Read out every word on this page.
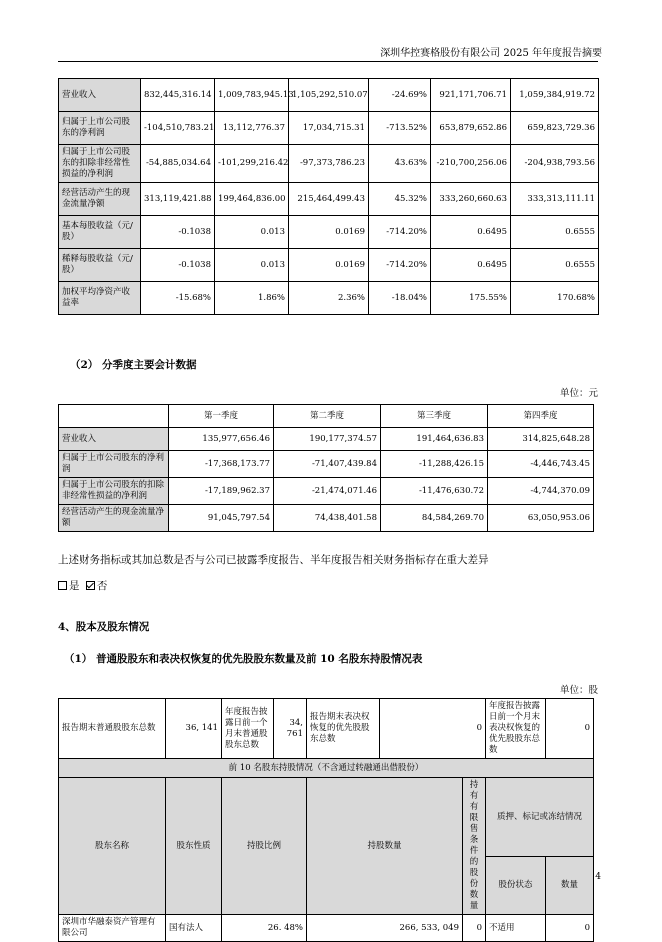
深圳华控赛格股份有限公司 2025 年年度报告摘要
营业收入	832,445,316.14	1,009,783,945.13	1,105,292,510.07	-24.69%	921,171,706.71	1,059,384,919.72
归属于上市公司股东的净利润	-104,510,783.21	13,112,776.37	17,034,715.31	-713.52%	653,879,652.86	659,823,729.36
归属于上市公司股东的扣除非经常性损益的净利润	-54,885,034.64	-101,299,216.42	-97,373,786.23	43.63%	-210,700,256.06	-204,938,793.56
经营活动产生的现金流量净额	313,119,421.88	199,464,836.00	215,464,499.43	45.32%	333,260,660.63	333,313,111.11
基本每股收益（元/股）	-0.1038	0.013	0.0169	-714.20%	0.6495	0.6555
稀释每股收益（元/股）	-0.1038	0.013	0.0169	-714.20%	0.6495	0.6555
加权平均净资产收益率	-15.68%	1.86%	2.36%	-18.04%	175.55%	170.68%
（2） 分季度主要会计数据
单位：元
	第一季度	第二季度	第三季度	第四季度
营业收入	135,977,656.46	190,177,374.57	191,464,636.83	314,825,648.28
归属于上市公司股东的净利润	-17,368,173.77	-71,407,439.84	-11,288,426.15	-4,446,743.45
归属于上市公司股东的扣除非经常性损益的净利润	-17,189,962.37	-21,474,071.46	-11,476,630.72	-4,744,370.09
经营活动产生的现金流量净额	91,045,797.54	74,438,401.58	84,584,269.70	63,050,953.06
上述财务指标或其加总数是否与公司已披露季度报告、半年度报告相关财务指标存在重大差异
是 否
4、股本及股东情况
（1） 普通股股东和表决权恢复的优先股股东数量及前 10 名股东持股情况表
单位：股
报告期末普通股股东总数	36, 141	年度报告披露日前一个月末普通股股东总数	34, 761	报告期末表决权恢复的优先股股东总数	0		年度报告披露日前一个月末表决权恢复的优先股股东总数	0
前 10 名股东持股情况（不含通过转融通出借股份）								
股东名称	股东性质	持股比例		持股数量		持有有限售条件的股份数量	质押、标记或冻结情况	
							股份状态	数量
深圳市华融泰资产管理有限公司	国有法人	26. 48%		266, 533, 049		0	不适用	0
4
